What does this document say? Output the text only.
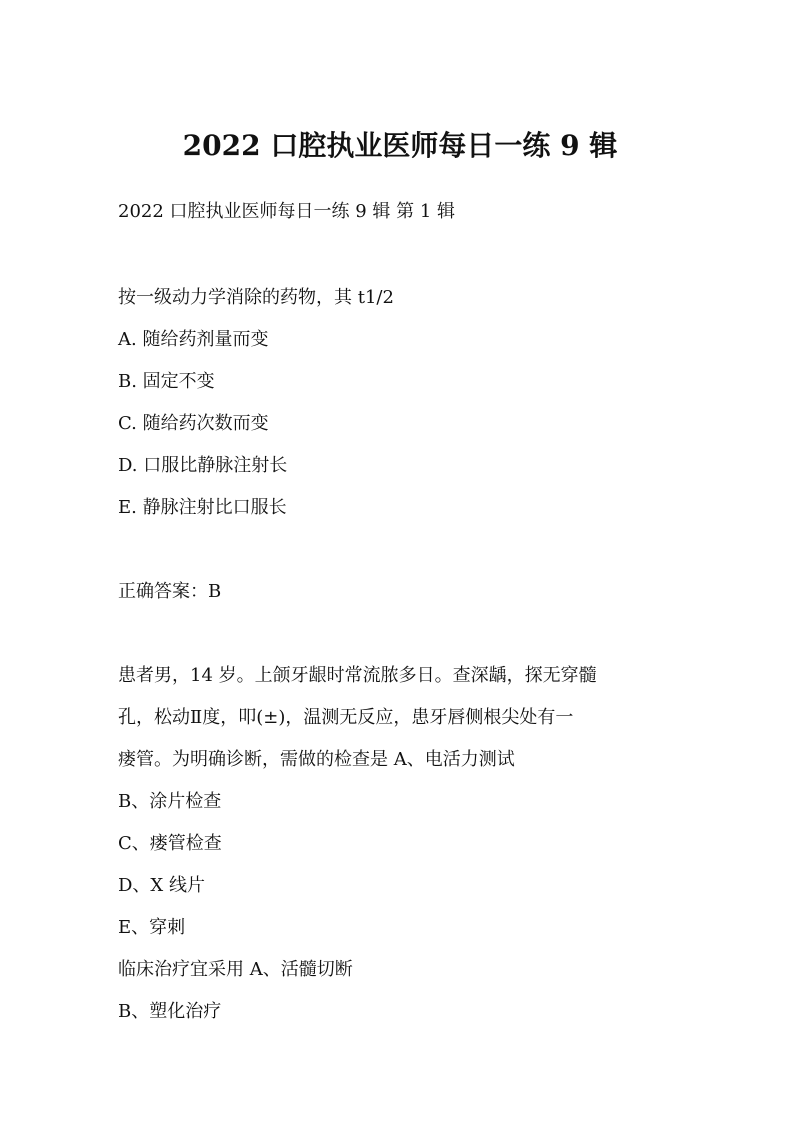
2022 口腔执业医师每日一练 9 辑
2022 口腔执业医师每日一练 9 辑 第 1 辑
按一级动力学消除的药物，其 t1/2
A. 随给药剂量而变
B. 固定不变
C. 随给药次数而变
D. 口服比静脉注射长
E. 静脉注射比口服长
正确答案：B
患者男，14 岁。上颌牙龈时常流脓多日。查深龋，探无穿髓
孔，松动Ⅱ度，叩(±)，温测无反应，患牙唇侧根尖处有一
瘘管。为明确诊断，需做的检查是 A、电活力测试
B、涂片检查
C、瘘管检查
D、X 线片
E、穿刺
临床治疗宜采用 A、活髓切断
B、塑化治疗
